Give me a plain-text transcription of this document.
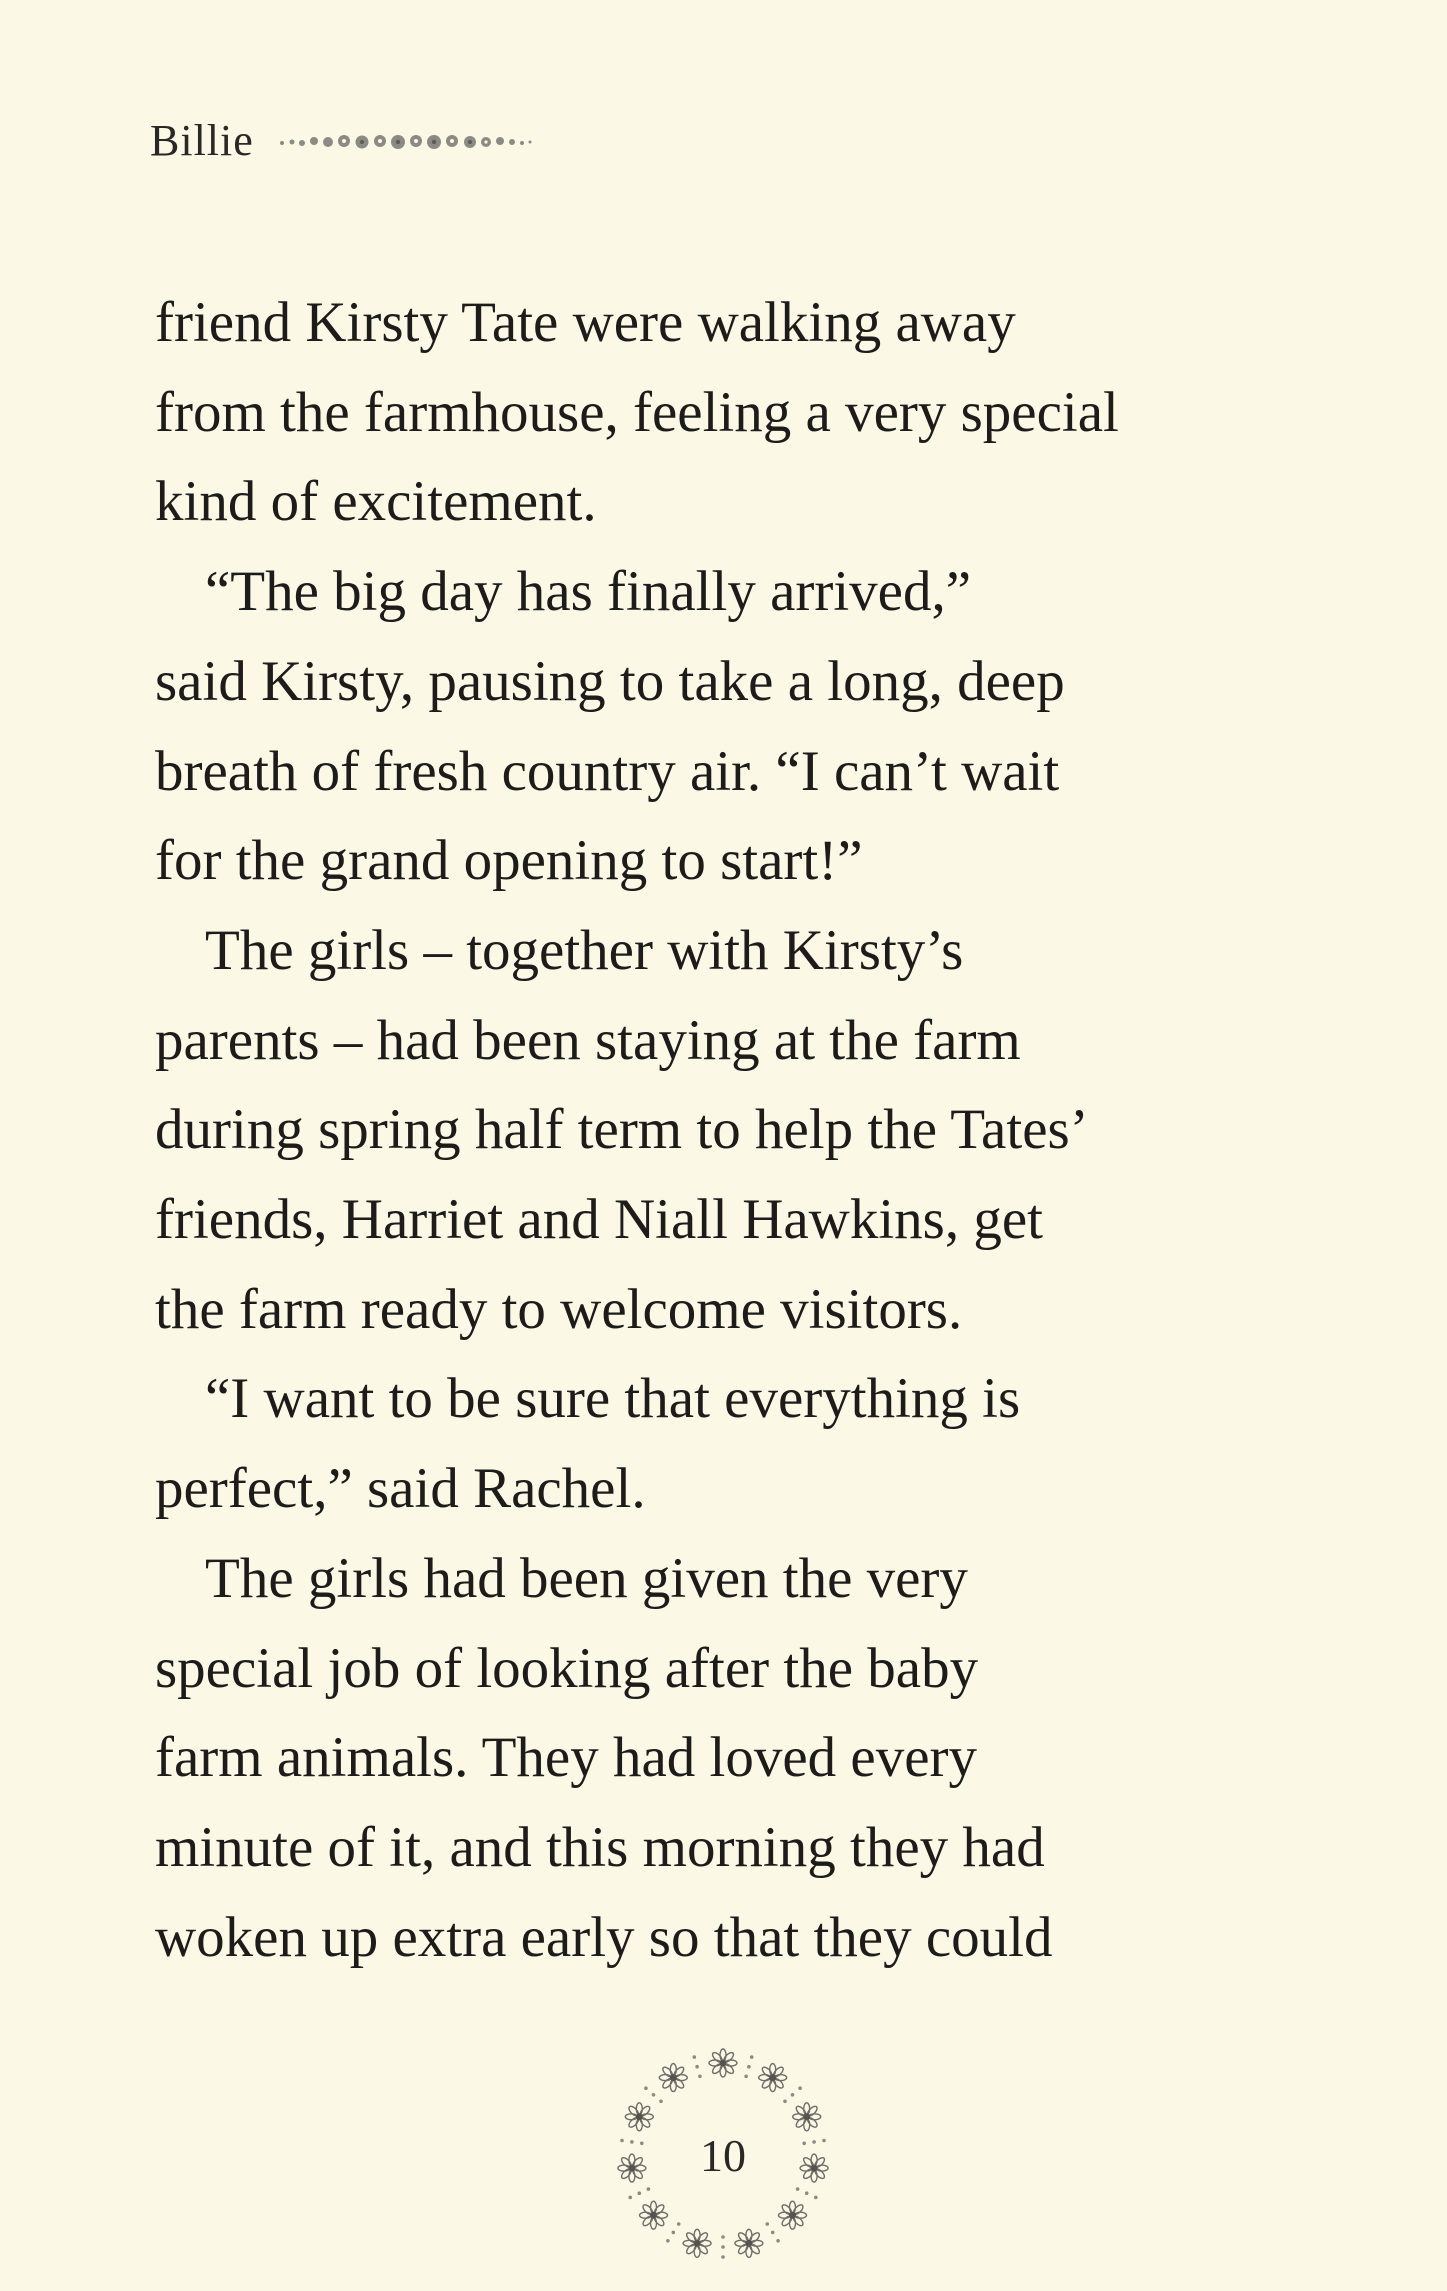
Billie
friend Kirsty Tate were walking away
from the farmhouse, feeling a very special
kind of excitement.
“The big day has finally arrived,”
said Kirsty, pausing to take a long, deep
breath of fresh country air. “I can’t wait
for the grand opening to start!”
The girls – together with Kirsty’s
parents – had been staying at the farm
during spring half term to help the Tates’
friends, Harriet and Niall Hawkins, get
the farm ready to welcome visitors.
“I want to be sure that everything is
perfect,” said Rachel.
The girls had been given the very
special job of looking after the baby
farm animals. They had loved every
minute of it, and this morning they had
woken up extra early so that they could
10
